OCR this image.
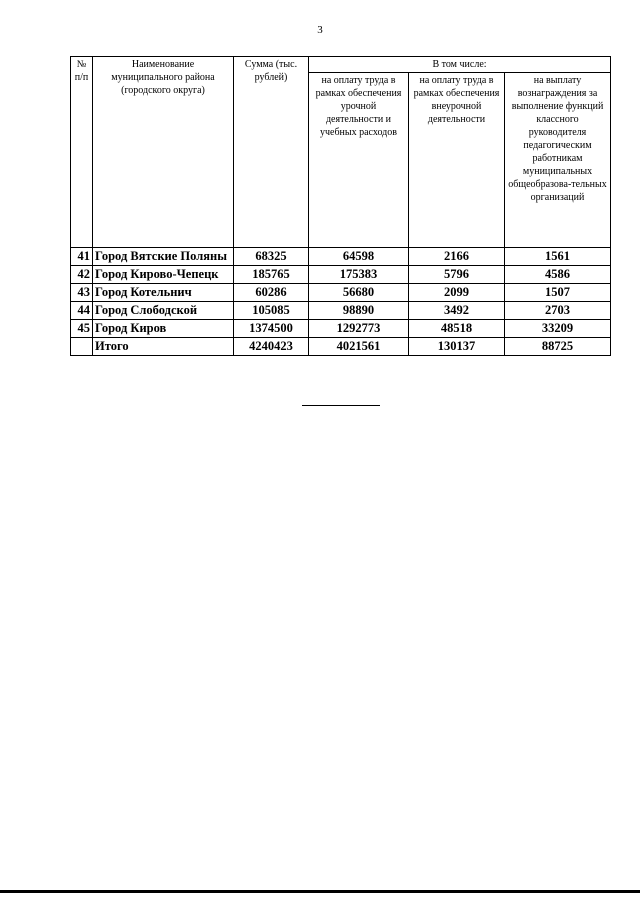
3
№ п/п	Наименование муниципального района (городского округа)	Сумма (тыс. рублей)	В том числе:		
			на оплату труда в рамках обеспечения урочной деятельности и учебных расходов	на оплату труда в рамках обеспечения внеурочной деятельности	на выплату вознаграждения за выполнение функций классного руководителя педагогическим работникам муниципальных общеобразова-тельных организаций
41	Город Вятские Поляны	68325	64598	2166	1561
42	Город Кирово-Чепецк	185765	175383	5796	4586
43	Город Котельнич	60286	56680	2099	1507
44	Город Слободской	105085	98890	3492	2703
45	Город Киров	1374500	1292773	48518	33209
	Итого	4240423	4021561	130137	88725
